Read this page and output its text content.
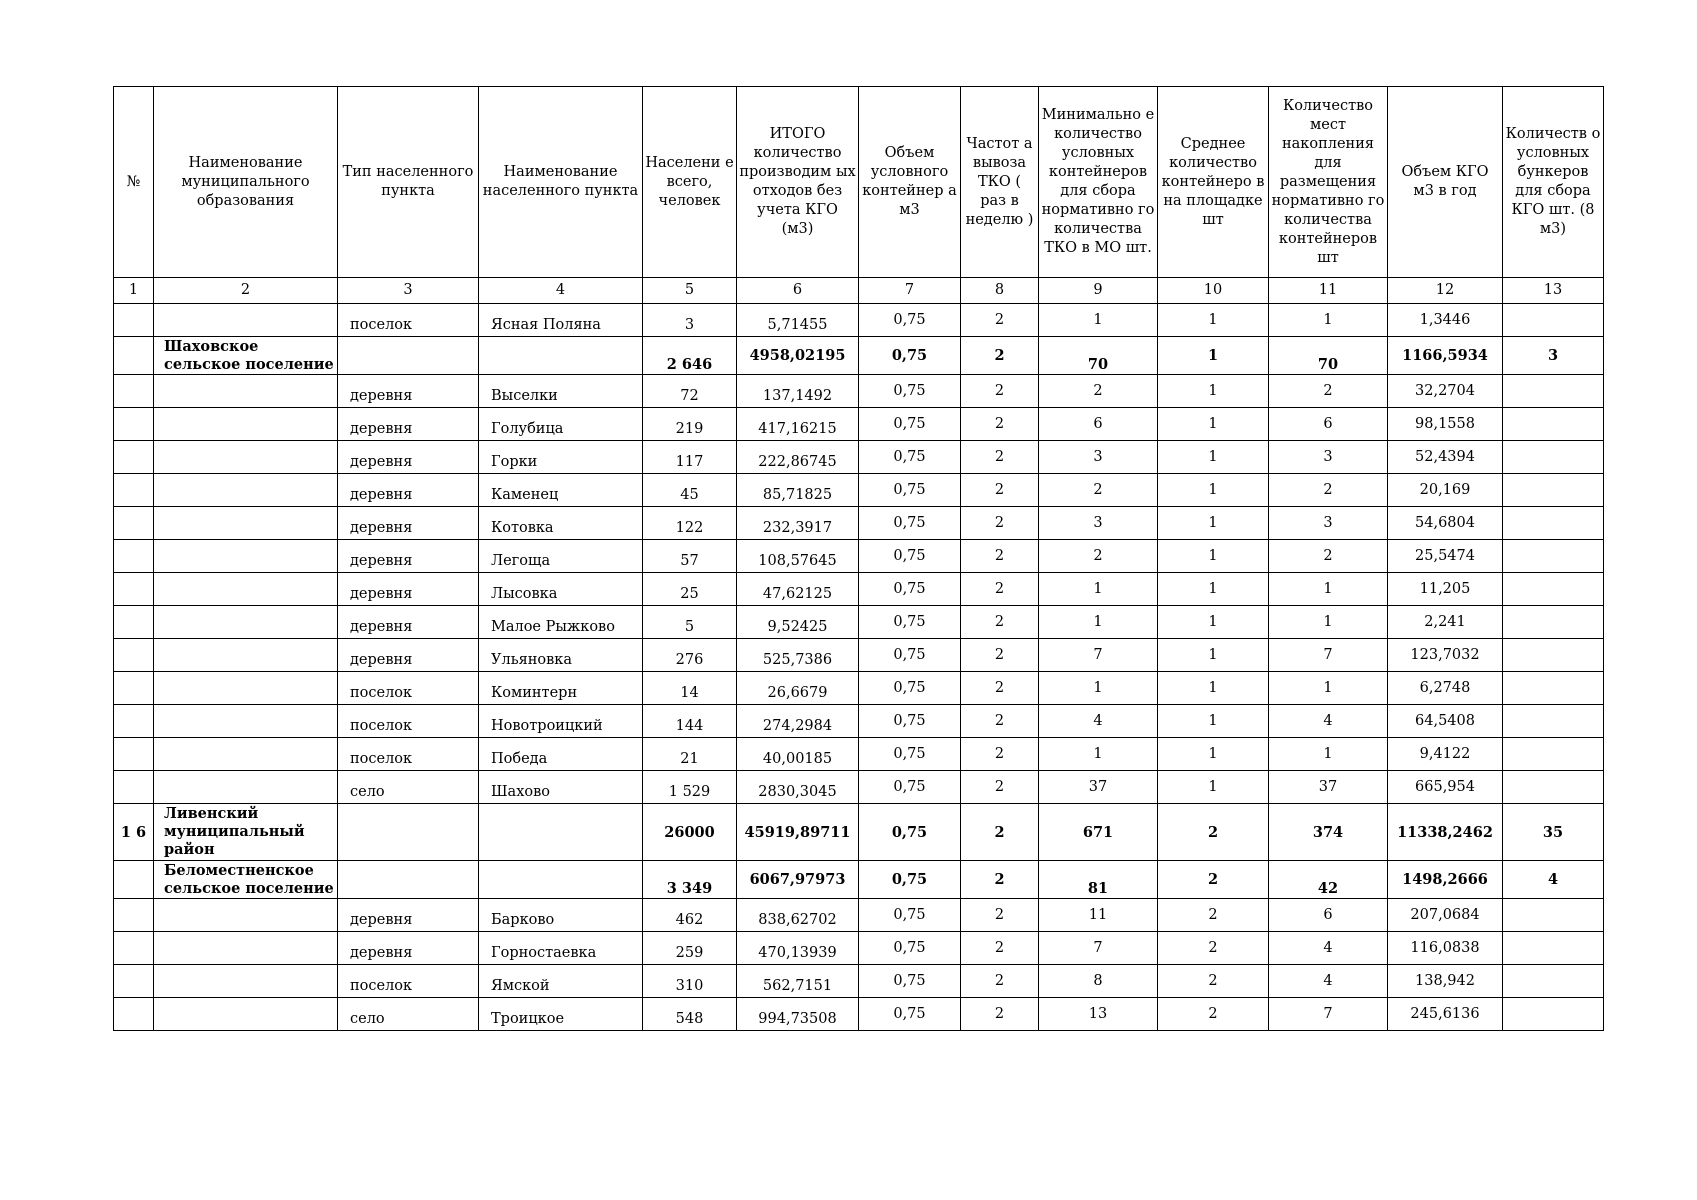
№	Наименование муниципального образования	Тип населенного пункта	Наименование населенного пункта	Населени е всего, человек	ИТОГО количество производим ых отходов без учета КГО (м3)	Объем условного контейнер а м3	Частот а вывоза ТКО ( раз в неделю )	Минимально е количество условных контейнеров для сбора нормативно го количества ТКО в МО шт.	Среднее количество контейнеро в на площадке шт	Количество мест накопления для размещения нормативно го количества контейнеров шт	Объем КГО м3 в год	Количеств о условных бункеров для сбора КГО шт. (8 м3)
1	2	3	4	5	6	7	8	9	10	11	12	13
		поселок	Ясная Поляна	3	5,71455	0,75	2	1	1	1	1,3446	
	Шаховское сельское поселение			2 646	4958,02195	0,75	2	70	1	70	1166,5934	3
		деревня	Выселки	72	137,1492	0,75	2	2	1	2	32,2704	
		деревня	Голубица	219	417,16215	0,75	2	6	1	6	98,1558	
		деревня	Горки	117	222,86745	0,75	2	3	1	3	52,4394	
		деревня	Каменец	45	85,71825	0,75	2	2	1	2	20,169	
		деревня	Котовка	122	232,3917	0,75	2	3	1	3	54,6804	
		деревня	Легоща	57	108,57645	0,75	2	2	1	2	25,5474	
		деревня	Лысовка	25	47,62125	0,75	2	1	1	1	11,205	
		деревня	Малое Рыжково	5	9,52425	0,75	2	1	1	1	2,241	
		деревня	Ульяновка	276	525,7386	0,75	2	7	1	7	123,7032	
		поселок	Коминтерн	14	26,6679	0,75	2	1	1	1	6,2748	
		поселок	Новотроицкий	144	274,2984	0,75	2	4	1	4	64,5408	
		поселок	Победа	21	40,00185	0,75	2	1	1	1	9,4122	
		село	Шахово	1 529	2830,3045	0,75	2	37	1	37	665,954	
1 6	Ливенский муниципальный район			26000	45919,89711	0,75	2	671	2	374	11338,2462	35
	Беломестненское сельское поселение			3 349	6067,97973	0,75	2	81	2	42	1498,2666	4
		деревня	Барково	462	838,62702	0,75	2	11	2	6	207,0684	
		деревня	Горностаевка	259	470,13939	0,75	2	7	2	4	116,0838	
		поселок	Ямской	310	562,7151	0,75	2	8	2	4	138,942	
		село	Троицкое	548	994,73508	0,75	2	13	2	7	245,6136	
